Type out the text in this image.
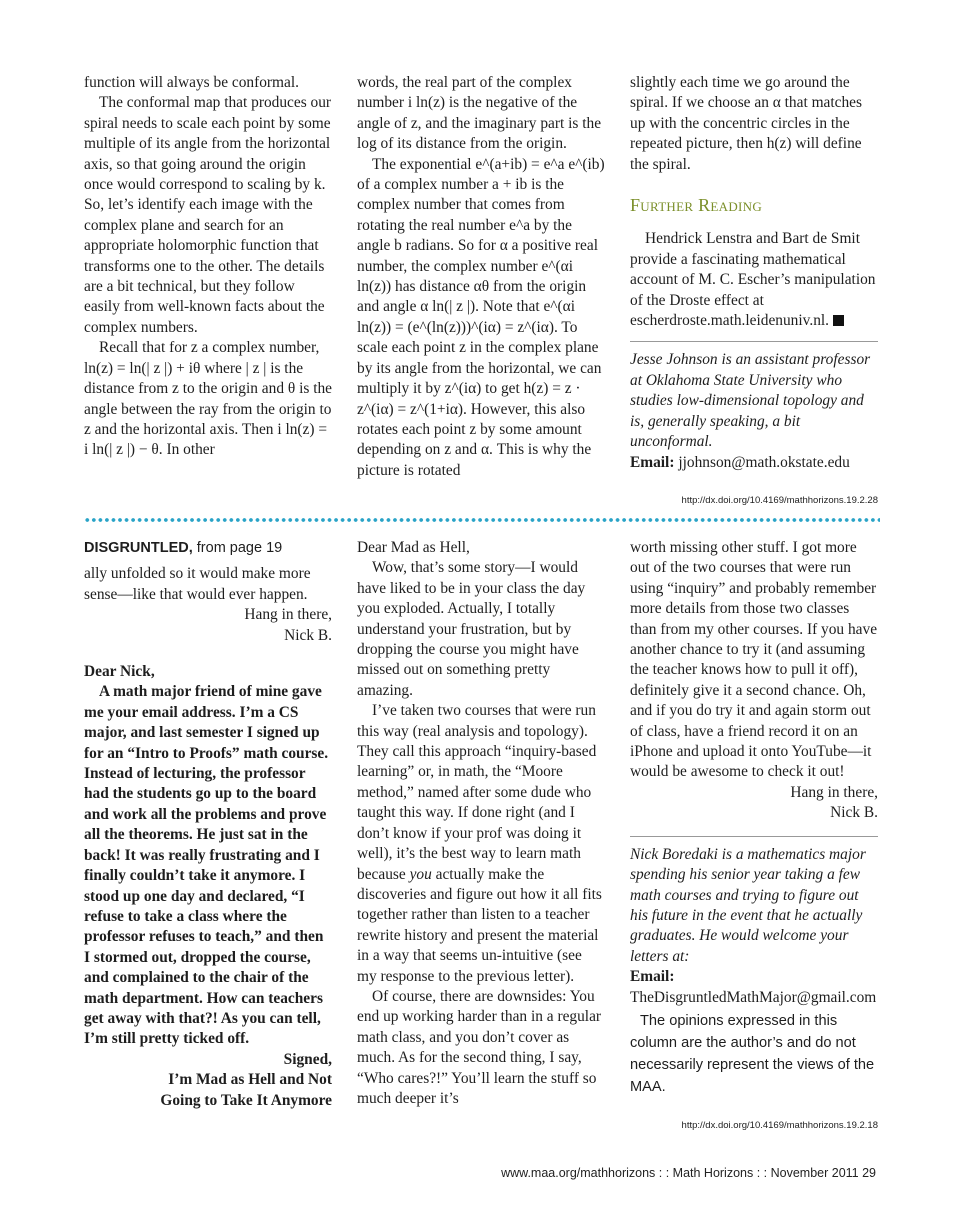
function will always be conformal.

The conformal map that produces our spiral needs to scale each point by some multiple of its angle from the horizontal axis, so that going around the origin once would correspond to scaling by k. So, let’s identify each image with the complex plane and search for an appropriate holomorphic function that transforms one to the other. The details are a bit technical, but they follow easily from well-known facts about the complex numbers.

Recall that for z a complex number, ln(z) = ln(| z |) + iθ where | z | is the distance from z to the origin and θ is the angle between the ray from the origin to z and the horizontal axis. Then i ln(z) = i ln(| z |) − θ. In other

words, the real part of the complex number i ln(z) is the negative of the angle of z, and the imaginary part is the log of its distance from the origin.

The exponential e^(a+ib) = e^a e^(ib) of a complex number a + ib is the complex number that comes from rotating the real number e^a by the angle b radians. So for α a positive real number, the complex number e^(αi ln(z)) has distance αθ from the origin and angle α ln(| z |). Note that e^(αi ln(z)) = (e^(ln(z)))^(iα) = z^(iα). To scale each point z in the complex plane by its angle from the horizontal, we can multiply it by z^(iα) to get h(z) = z · z^(iα) = z^(1+iα). However, this also rotates each point z by some amount depending on z and α. This is why the picture is rotated

slightly each time we go around the spiral. If we choose an α that matches up with the concentric circles in the repeated picture, then h(z) will define the spiral.

Further Reading

Hendrick Lenstra and Bart de Smit provide a fascinating mathematical account of M. C. Escher’s manipulation of the Droste effect at escherdroste.math.leidenuniv.nl.

Jesse Johnson is an assistant professor at Oklahoma State University who studies low-dimensional topology and is, generally speaking, a bit unconformal.

Email: jjohnson@math.okstate.edu

http://dx.doi.org/10.4169/mathhorizons.19.2.28

DISGRUNTLED, from page 19

ally unfolded so it would make more sense—like that would ever happen.

Hang in there,

Nick B.

Dear Nick,

A math major friend of mine gave me your email address. I’m a CS major, and last semester I signed up for an “Intro to Proofs” math course. Instead of lecturing, the professor had the students go up to the board and work all the problems and prove all the theorems. He just sat in the back! It was really frustrating and I finally couldn’t take it anymore. I stood up one day and declared, “I refuse to take a class where the professor refuses to teach,” and then I stormed out, dropped the course, and complained to the chair of the math department. How can teachers get away with that?! As you can tell, I’m still pretty ticked off.

Signed,

I’m Mad as Hell and Not

Going to Take It Anymore

Dear Mad as Hell,

Wow, that’s some story—I would have liked to be in your class the day you exploded. Actually, I totally understand your frustration, but by dropping the course you might have missed out on something pretty amazing.

I’ve taken two courses that were run this way (real analysis and topology). They call this approach “inquiry-based learning” or, in math, the “Moore method,” named after some dude who taught this way. If done right (and I don’t know if your prof was doing it well), it’s the best way to learn math because you actually make the discoveries and figure out how it all fits together rather than listen to a teacher rewrite history and present the material in a way that seems un-intuitive (see my response to the previous letter).

Of course, there are downsides: You end up working harder than in a regular math class, and you don’t cover as much. As for the second thing, I say, “Who cares?!” You’ll learn the stuff so much deeper it’s

worth missing other stuff. I got more out of the two courses that were run using “inquiry” and probably remember more details from those two classes than from my other courses. If you have another chance to try it (and assuming the teacher knows how to pull it off), definitely give it a second chance. Oh, and if you do try it and again storm out of class, have a friend record it on an iPhone and upload it onto YouTube—it would be awesome to check it out!

Hang in there,

Nick B.

Nick Boredaki is a mathematics major spending his senior year taking a few math courses and trying to figure out his future in the event that he actually graduates. He would welcome your letters at:

Email: TheDisgruntledMathMajor@gmail.com

The opinions expressed in this column are the author’s and do not necessarily represent the views of the MAA.

http://dx.doi.org/10.4169/mathhorizons.19.2.18

www.maa.org/mathhorizons : : Math Horizons : : November 2011 29
